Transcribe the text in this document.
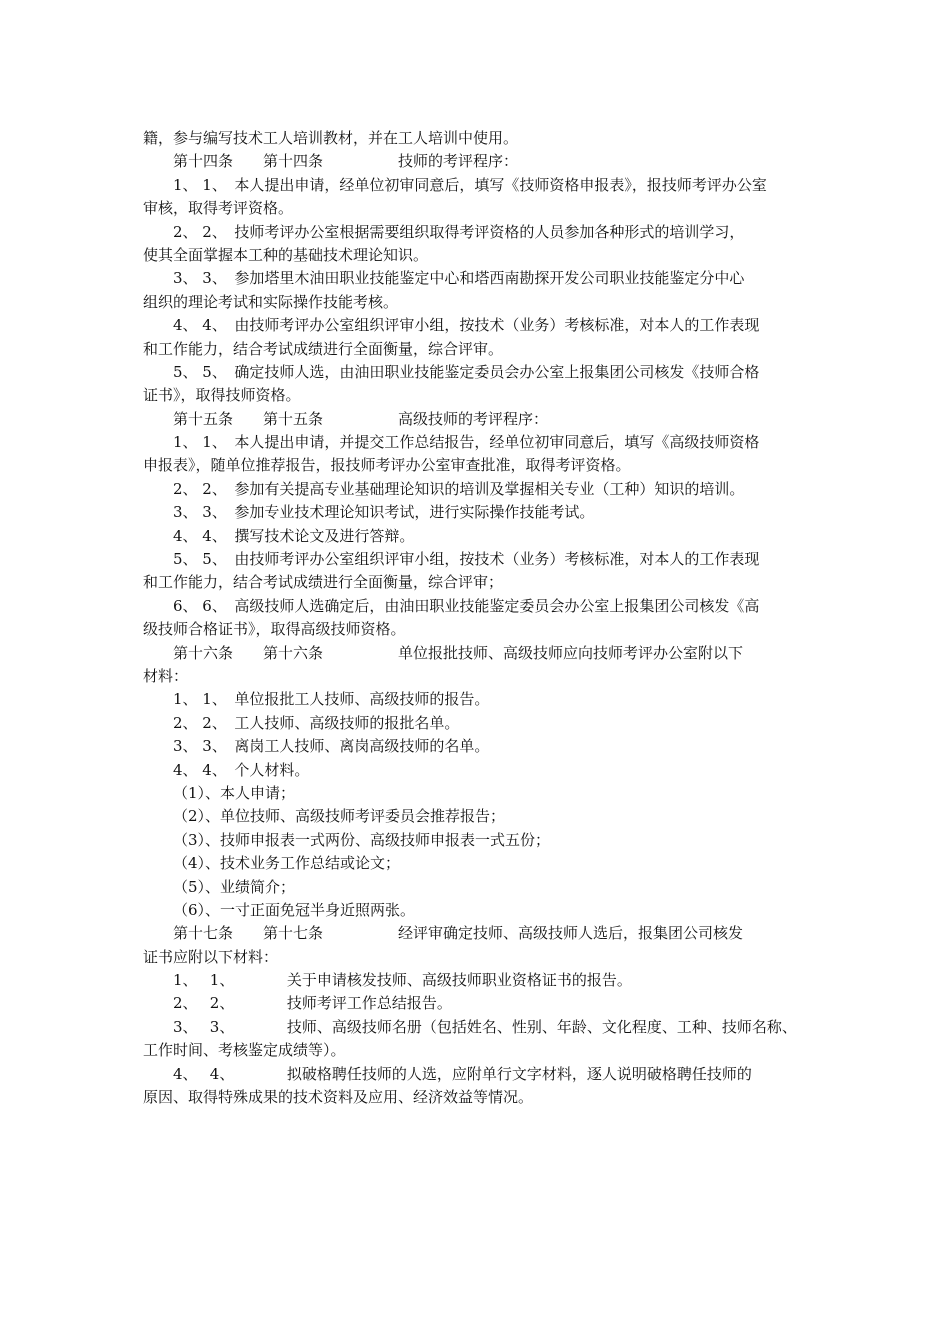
籍，参与编写技术工人培训教材，并在工人培训中使用。
第十四条　　第十四条　　　　　技师的考评程序：
1、 1、　本人提出申请，经单位初审同意后，填写《技师资格申报表》，报技师考评办公室
审核，取得考评资格。
2、 2、　技师考评办公室根据需要组织取得考评资格的人员参加各种形式的培训学习，
使其全面掌握本工种的基础技术理论知识。
3、 3、　参加塔里木油田职业技能鉴定中心和塔西南勘探开发公司职业技能鉴定分中心
组织的理论考试和实际操作技能考核。
4、 4、　由技师考评办公室组织评审小组，按技术（业务）考核标准，对本人的工作表现
和工作能力，结合考试成绩进行全面衡量，综合评审。
5、 5、　确定技师人选，由油田职业技能鉴定委员会办公室上报集团公司核发《技师合格
证书》，取得技师资格。
第十五条　　第十五条　　　　　高级技师的考评程序：
1、 1、　本人提出申请，并提交工作总结报告，经单位初审同意后，填写《高级技师资格
申报表》，随单位推荐报告，报技师考评办公室审查批准，取得考评资格。
2、 2、　参加有关提高专业基础理论知识的培训及掌握相关专业（工种）知识的培训。
3、 3、　参加专业技术理论知识考试，进行实际操作技能考试。
4、 4、　撰写技术论文及进行答辩。
5、 5、　由技师考评办公室组织评审小组，按技术（业务）考核标准，对本人的工作表现
和工作能力，结合考试成绩进行全面衡量，综合评审；
6、 6、　高级技师人选确定后，由油田职业技能鉴定委员会办公室上报集团公司核发《高
级技师合格证书》，取得高级技师资格。
第十六条　　第十六条　　　　　单位报批技师、高级技师应向技师考评办公室附以下
材料：
1、 1、　单位报批工人技师、高级技师的报告。
2、 2、　工人技师、高级技师的报批名单。
3、 3、　离岗工人技师、离岗高级技师的名单。
4、 4、　个人材料。
（1）、本人申请；
（2）、单位技师、高级技师考评委员会推荐报告；
（3）、技师申报表一式两份、高级技师申报表一式五份；
（4）、技术业务工作总结或论文；
（5）、业绩简介；
（6）、一寸正面免冠半身近照两张。
第十七条　　第十七条　　　　　经评审确定技师、高级技师人选后，报集团公司核发
证书应附以下材料：
1、　 1、　　　　关于申请核发技师、高级技师职业资格证书的报告。
2、　 2、　　　　技师考评工作总结报告。
3、　 3、　　　　技师、高级技师名册（包括姓名、性别、年龄、文化程度、工种、技师名称、
工作时间、考核鉴定成绩等）。
4、　 4、　　　　拟破格聘任技师的人选，应附单行文字材料，逐人说明破格聘任技师的
原因、取得特殊成果的技术资料及应用、经济效益等情况。
